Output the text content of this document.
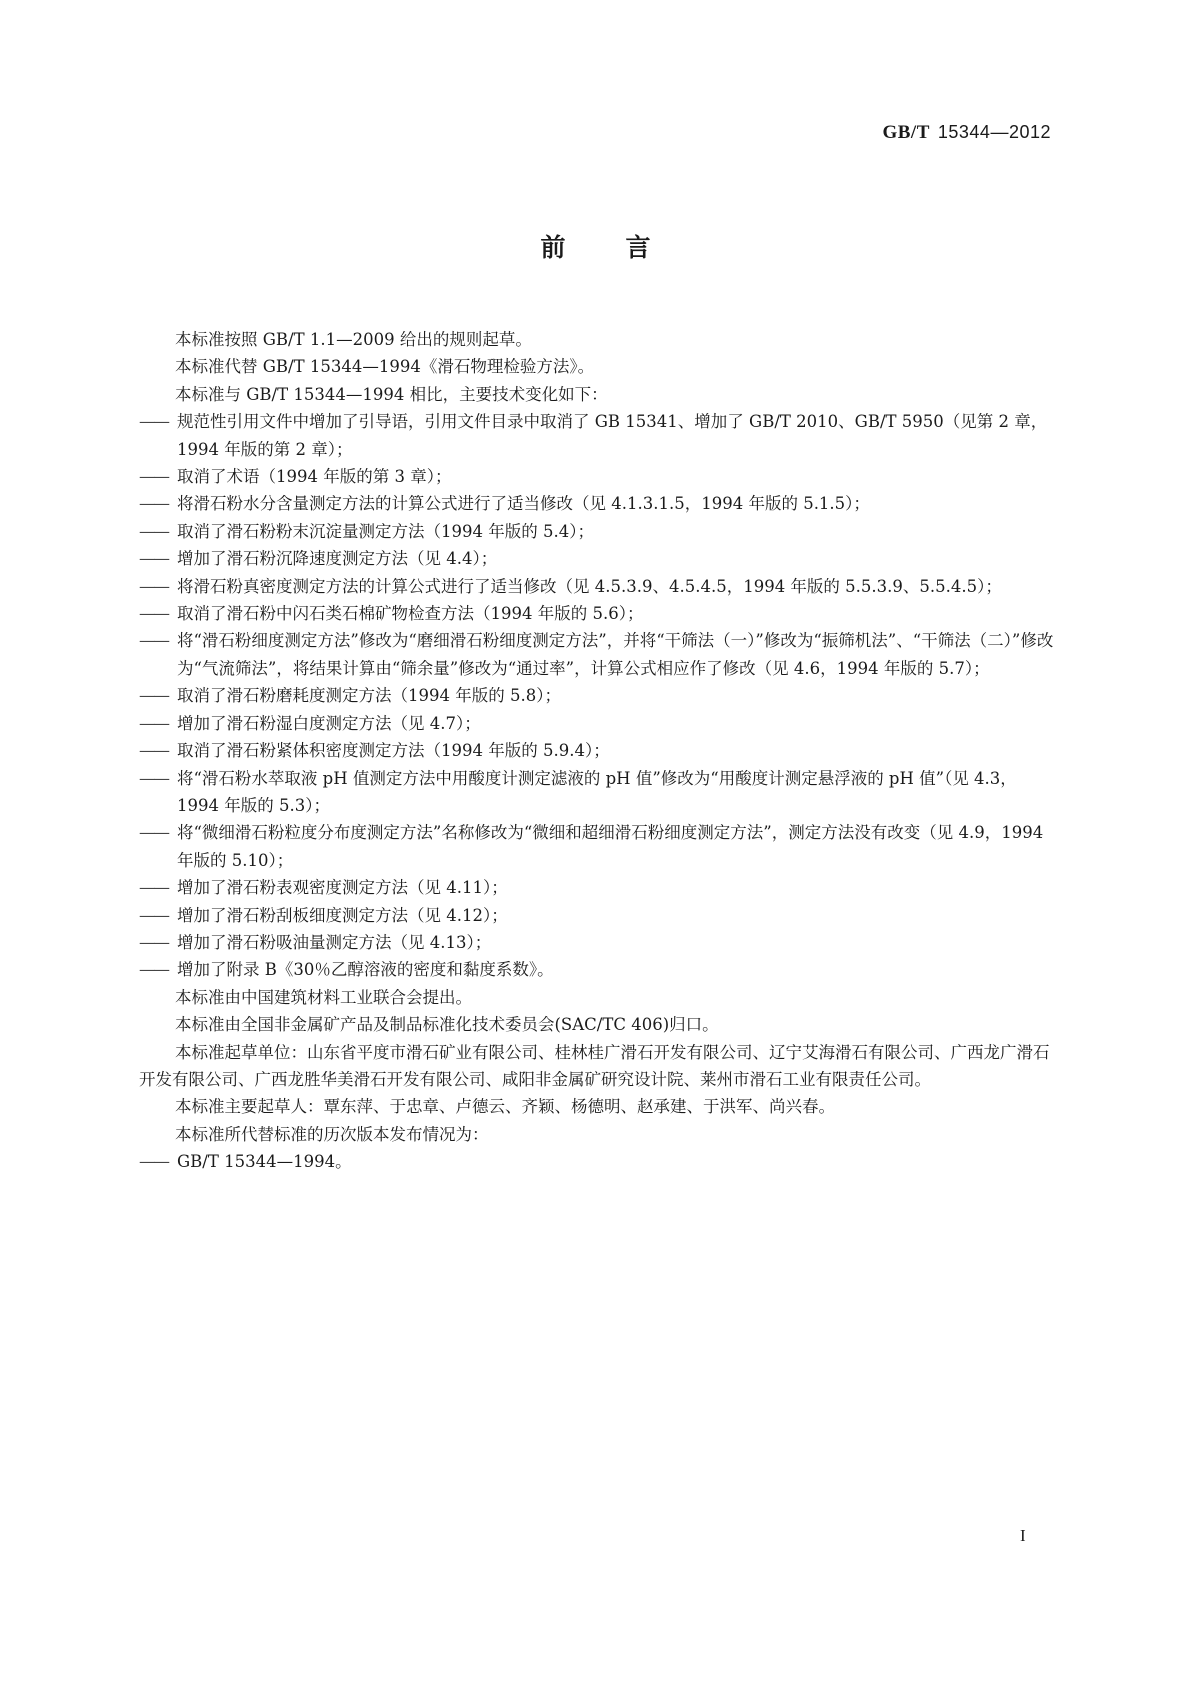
GB/T 15344—2012
前言

本标准按照 GB/T 1.1—2009 给出的规则起草。

本标准代替 GB/T 15344—1994《滑石物理检验方法》。

本标准与 GB/T 15344—1994 相比，主要技术变化如下：

—— 规范性引用文件中增加了引导语，引用文件目录中取消了 GB 15341、增加了 GB/T 2010、GB/T 5950（见第 2 章，1994 年版的第 2 章）；

—— 取消了术语（1994 年版的第 3 章）；

—— 将滑石粉水分含量测定方法的计算公式进行了适当修改（见 4.1.3.1.5，1994 年版的 5.1.5）；

—— 取消了滑石粉粉末沉淀量测定方法（1994 年版的 5.4）；

—— 增加了滑石粉沉降速度测定方法（见 4.4）；

—— 将滑石粉真密度测定方法的计算公式进行了适当修改（见 4.5.3.9、4.5.4.5，1994 年版的 5.5.3.9、5.5.4.5）；

—— 取消了滑石粉中闪石类石棉矿物检查方法（1994 年版的 5.6）；

—— 将“滑石粉细度测定方法”修改为“磨细滑石粉细度测定方法”，并将“干筛法（一）”修改为“振筛机法”、“干筛法（二）”修改为“气流筛法”，将结果计算由“筛余量”修改为“通过率”，计算公式相应作了修改（见 4.6，1994 年版的 5.7）；

—— 取消了滑石粉磨耗度测定方法（1994 年版的 5.8）；

—— 增加了滑石粉湿白度测定方法（见 4.7）；

—— 取消了滑石粉紧体积密度测定方法（1994 年版的 5.9.4）；

—— 将“滑石粉水萃取液 pH 值测定方法中用酸度计测定滤液的 pH 值”修改为“用酸度计测定悬浮液的 pH 值”（见 4.3，1994 年版的 5.3）；

—— 将“微细滑石粉粒度分布度测定方法”名称修改为“微细和超细滑石粉细度测定方法”，测定方法没有改变（见 4.9，1994 年版的 5.10）；

—— 增加了滑石粉表观密度测定方法（见 4.11）；

—— 增加了滑石粉刮板细度测定方法（见 4.12）；

—— 增加了滑石粉吸油量测定方法（见 4.13）；

—— 增加了附录 B《30％乙醇溶液的密度和黏度系数》。

本标准由中国建筑材料工业联合会提出。

本标准由全国非金属矿产品及制品标准化技术委员会(SAC/TC 406)归口。

本标准起草单位：山东省平度市滑石矿业有限公司、桂林桂广滑石开发有限公司、辽宁艾海滑石有限公司、广西龙广滑石开发有限公司、广西龙胜华美滑石开发有限公司、咸阳非金属矿研究设计院、莱州市滑石工业有限责任公司。

本标准主要起草人：覃东萍、于忠章、卢德云、齐颖、杨德明、赵承建、于洪军、尚兴春。

本标准所代替标准的历次版本发布情况为：

—— GB/T 15344—1994。

I
